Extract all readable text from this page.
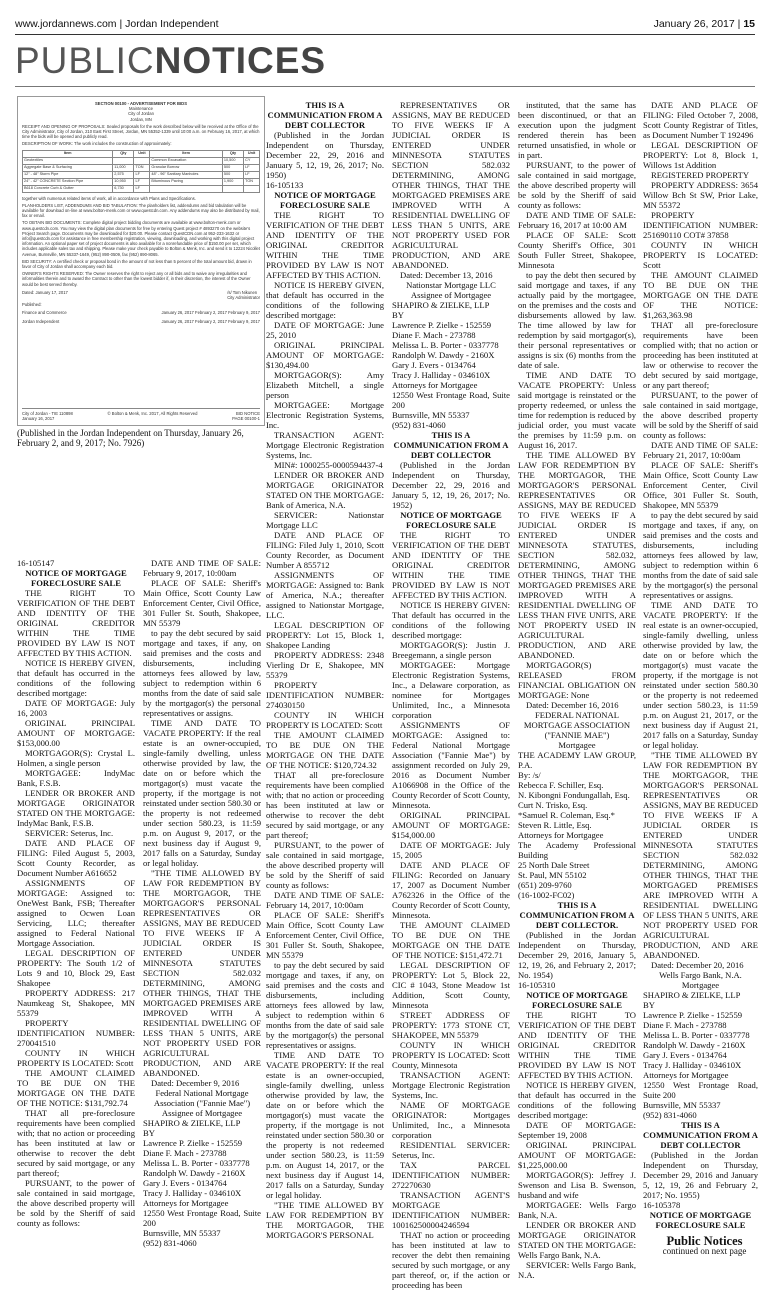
www.jordannews.com | Jordan Independent	January 26, 2017 | 15
PUBLICNOTICES
SECTION 00100 - ADVERTISEMENT FOR BIDS
Maintenance
City of Jordan
Jordan, MN

RECEIPT AND OPENING OF PROPOSALS: Sealed proposals for the work described below will be received at the Office of the City Administrator, City of Jordan, 210 East First Street, Jordan, MN 55352-1339 until 10:00 a.m. on February 16, 2017, at which time the bids will be opened and publicly read.

DESCRIPTION OF WORK: The work includes the construction of approximately:

Item	Qty	Unit	Item	Qty	Unit
Geotextiles			Common Excavation	10,500	CY
Aggregate Base & Surfacing	11,000	TON	Granular Borrow	500	LF
12" - 48" Storm Pipe	2,575	LF	48" - 96" Sanitary Manholes	500	LF
24" - 42" CONCRETE Section Pipe	10,950	LF	Bituminous Paving	1,900	TON
B618 Concrete Curb & Gutter	6,730	LF			

together with numerous related items of work, all in accordance with Plans and Specifications.

PLANHOLDERS LIST, ADDENDUMS AND BID TABULATION: The planholders list, addendums and bid tabulation will be available for download on-line at www.bolton-menk.com or www.questcdn.com. Any addendums may also be distributed by mail, fax or email.

TO OBTAIN BID DOCUMENTS: Complete digital project bidding documents are available at www.bolton-menk.com or www.questcdn.com. You may view the digital plan documents for free by entering Quest project # 4893270 on the website's Project Search page. Documents may be downloaded for $20.00. Please contact QuestCDN.com at 952-233-1632 or info@questcdn.com for assistance in free membership registration, viewing, downloading, and working with this digital project information. An optional paper set of project documents is also available for a nonrefundable price of $150.00 per set, which includes applicable sales tax and shipping. Please make your check payable to Bolton & Menk, Inc. and send it to 12224 Nicollet Avenue, Burnsville, MN 55337-1649, (952) 890-0509, fax (952) 890-8065.

BID SECURITY: A certified check or proposal bond in the amount of not less than 5 percent of the total amount bid, drawn in favor of City of Jordan shall accompany each bid.

OWNER'S RIGHTS RESERVED: The Owner reserves the right to reject any or all bids and to waive any irregularities and informalities therein and to award the Contract to other than the lowest bidder if, in their discretion, the interest of the Owner would be best served thereby.

Dated: January 17, 2017	/s/ Tom Nikunen
City Administrator

Published:

Finance and Commerce	January 26, 2017 February 2, 2017 February 9, 2017
Jordan Independent	January 26, 2017 February 2, 2017 February 9, 2017
City of Jordan - TIE 110898
January 16, 2017
© Bolton & Menk, Inc. 2017, All Rights Reserved	BID NOTICE
PAGE 00100-1
(Published in the Jordan Independent on Thursday, January 26, February 2, and 9, 2017; No. 7926)

16-105147

NOTICE OF MORTGAGE FORECLOSURE SALE

THE RIGHT TO VERIFICATION OF THE DEBT AND IDENTITY OF THE ORIGINAL CREDITOR WITHIN THE TIME PROVIDED BY LAW IS NOT AFFECTED BY THIS ACTION.

NOTICE IS HEREBY GIVEN, that default has occurred in the conditions of the following described mortgage:

DATE OF MORTGAGE: July 16, 2003

ORIGINAL PRINCIPAL AMOUNT OF MORTGAGE: $153,000.00

MORTGAGOR(S): Crystal L. Holmen, a single person

MORTGAGEE: IndyMac Bank, F.S.B.

LENDER OR BROKER AND MORTGAGE ORIGINATOR STATED ON THE MORTGAGE: IndyMac Bank, F.S.B.

SERVICER: Seterus, Inc.

DATE AND PLACE OF FILING: Filed August 5, 2003, Scott County Recorder, as Document Number A616652

ASSIGNMENTS OF MORTGAGE: Assigned to: OneWest Bank, FSB; Thereafter assigned to Ocwen Loan Servicing, LLC; thereafter assigned to Federal National Mortgage Association.

LEGAL DESCRIPTION OF PROPERTY: The South 1/2 of Lots 9 and 10, Block 29, East Shakopee

PROPERTY ADDRESS: 217 Naumkeag St, Shakopee, MN 55379

PROPERTY IDENTIFICATION NUMBER: 270041510

COUNTY IN WHICH PROPERTY IS LOCATED: Scott

THE AMOUNT CLAIMED TO BE DUE ON THE MORTGAGE ON THE DATE OF THE NOTICE: $131,792.74

THAT all pre-foreclosure requirements have been complied with; that no action or proceeding has been instituted at law or otherwise to recover the debt secured by said mortgage, or any part thereof;

PURSUANT, to the power of sale contained in said mortgage, the above described property will be sold by the Sheriff of said county as follows:

DATE AND TIME OF SALE: February 9, 2017, 10:00am

PLACE OF SALE: Sheriff's Main Office, Scott County Law Enforcement Center, Civil Office, 301 Fuller St. South, Shakopee, MN 55379

to pay the debt secured by said mortgage and taxes, if any, on said premises and the costs and disbursements, including attorneys fees allowed by law, subject to redemption within 6 months from the date of said sale by the mortgagor(s) the personal representatives or assigns.

TIME AND DATE TO VACATE PROPERTY: If the real estate is an owner-occupied, single-family dwelling, unless otherwise provided by law, the date on or before which the mortgagor(s) must vacate the property, if the mortgage is not reinstated under section 580.30 or the property is not redeemed under section 580.23, is 11:59 p.m. on August 9, 2017, or the next business day if August 9, 2017 falls on a Saturday, Sunday or legal holiday.

"THE TIME ALLOWED BY LAW FOR REDEMPTION BY THE MORTGAGOR, THE MORTGAGOR'S PERSONAL REPRESENTATIVES OR ASSIGNS, MAY BE REDUCED TO FIVE WEEKS IF A JUDICIAL ORDER IS ENTERED UNDER MINNESOTA STATUTES SECTION 582.032 DETERMINING, AMONG OTHER THINGS, THAT THE MORTGAGED PREMISES ARE IMPROVED WITH A RESIDENTIAL DWELLING OF LESS THAN 5 UNITS, ARE NOT PROPERTY USED FOR AGRICULTURAL PRODUCTION, AND ARE ABANDONED.

Dated: December 9, 2016

Federal National Mortgage Association ("Fannie Mae")

Assignee of Mortgagee

SHAPIRO & ZIELKE, LLP

BY

Lawrence P. Zielke - 152559

Diane F. Mach - 273788

Melissa L. B. Porter - 0337778

Randolph W. Dawdy - 2160X

Gary J. Evers - 0134764

Tracy J. Halliday - 034610X

Attorneys for Mortgagee

12550 West Frontage Road, Suite 200

Burnsville, MN 55337

(952) 831-4060

THIS IS A COMMUNICATION FROM A DEBT COLLECTOR

(Published in the Jordan Independent on Thursday, December 22, 29, 2016 and January 5, 12, 19, 26, 2017; No. 1950)

16-105133

NOTICE OF MORTGAGE FORECLOSURE SALE

THE RIGHT TO VERIFICATION OF THE DEBT AND IDENTITY OF THE ORIGINAL CREDITOR WITHIN THE TIME PROVIDED BY LAW IS NOT AFFECTED BY THIS ACTION.

NOTICE IS HEREBY GIVEN, that default has occurred in the conditions of the following described mortgage:

DATE OF MORTGAGE: June 25, 2010

ORIGINAL PRINCIPAL AMOUNT OF MORTGAGE: $130,494.00

MORTGAGOR(S): Amy Elizabeth Mitchell, a single person

MORTGAGEE: Mortgage Electronic Registration Systems, Inc.

TRANSACTION AGENT: Mortgage Electronic Registration Systems, Inc.

MIN#: 1000255-0000594437-4

LENDER OR BROKER AND MORTGAGE ORIGINATOR STATED ON THE MORTGAGE: Bank of America, N.A.

SERVICER: Nationstar Mortgage LLC

DATE AND PLACE OF FILING: Filed July 1, 2010, Scott County Recorder, as Document Number A 855712

ASSIGNMENTS OF MORTGAGE: Assigned to: Bank of America, N.A.; thereafter assigned to Nationstar Mortgage, LLC.

LEGAL DESCRIPTION OF PROPERTY: Lot 15, Block 1, Shakopee Landing

PROPERTY ADDRESS: 2348 Vierling Dr E, Shakopee, MN 55379

PROPERTY IDENTIFICATION NUMBER: 274030150

COUNTY IN WHICH PROPERTY IS LOCATED: Scott

THE AMOUNT CLAIMED TO BE DUE ON THE MORTGAGE ON THE DATE OF THE NOTICE: $120,724.32

THAT all pre-foreclosure requirements have been complied with; that no action or proceeding has been instituted at law or otherwise to recover the debt secured by said mortgage, or any part thereof;

PURSUANT, to the power of sale contained in said mortgage, the above described property will be sold by the Sheriff of said county as follows:

DATE AND TIME OF SALE: February 14, 2017, 10:00am

PLACE OF SALE: Sheriff's Main Office, Scott County Law Enforcement Center, Civil Office, 301 Fuller St. South, Shakopee, MN 55379

to pay the debt secured by said mortgage and taxes, if any, on said premises and the costs and disbursements, including attorneys fees allowed by law, subject to redemption within 6 months from the date of said sale by the mortgagor(s) the personal representatives or assigns.

TIME AND DATE TO VACATE PROPERTY: If the real estate is an owner-occupied, single-family dwelling, unless otherwise provided by law, the date on or before which the mortgagor(s) must vacate the property, if the mortgage is not reinstated under section 580.30 or the property is not redeemed under section 580.23, is 11:59 p.m. on August 14, 2017, or the next business day if August 14, 2017 falls on a Saturday, Sunday or legal holiday.

"THE TIME ALLOWED BY LAW FOR REDEMPTION BY THE MORTGAGOR, THE MORTGAGOR'S PERSONAL

REPRESENTATIVES OR ASSIGNS, MAY BE REDUCED TO FIVE WEEKS IF A JUDICIAL ORDER IS ENTERED UNDER MINNESOTA STATUTES SECTION 582.032 DETERMINING, AMONG OTHER THINGS, THAT THE MORTGAGED PREMISES ARE IMPROVED WITH A RESIDENTIAL DWELLING OF LESS THAN 5 UNITS, ARE NOT PROPERTY USED FOR AGRICULTURAL PRODUCTION, AND ARE ABANDONED.

Dated: December 13, 2016

Nationstar Mortgage LLC

Assignee of Mortgagee

SHAPIRO & ZIELKE, LLP

BY

Lawrence P. Zielke - 152559

Diane F. Mach - 273788

Melissa L. B. Porter - 0337778

Randolph W. Dawdy - 2160X

Gary J. Evers - 0134764

Tracy J. Halliday - 034610X

Attorneys for Mortgagee

12550 West Frontage Road, Suite 200

Burnsville, MN 55337

(952) 831-4060

THIS IS A COMMUNICATION FROM A DEBT COLLECTOR

(Published in the Jordan Independent on Thursday, December 22, 29, 2016 and January 5, 12, 19, 26, 2017; No. 1952)

NOTICE OF MORTGAGE FORECLOSURE SALE

THE RIGHT TO VERIFICATION OF THE DEBT AND IDENTITY OF THE ORIGINAL CREDITOR WITHIN THE TIME PROVIDED BY LAW IS NOT AFFECTED BY THIS ACTION.

NOTICE IS HEREBY GIVEN: That default has occurred in the conditions of the following described mortgage:

MORTGAGOR(S): Justin J. Breegemann, a single person

MORTGAGEE: Mortgage Electronic Registration Systems, Inc., a Delaware corporation, as nominee for Mortgages Unlimited, Inc., a Minnesota corporation

ASSIGNMENTS OF MORTGAGE: Assigned to: Federal National Mortgage Association ("Fannie Mae") by assignment recorded on July 29, 2016 as Document Number A1066908 in the Office of the County Recorder of Scott County, Minnesota.

ORIGINAL PRINCIPAL AMOUNT OF MORTGAGE: $154,000.00

DATE OF MORTGAGE: July 15, 2005

DATE AND PLACE OF FILING: Recorded on January 17, 2007 as Document Number A762326 in the Office of the County Recorder of Scott County, Minnesota.

THE AMOUNT CLAIMED TO BE DUE ON THE MORTGAGE ON THE DATE OF THE NOTICE: $151,472.71

LEGAL DESCRIPTION OF PROPERTY: Lot 5, Block 22, CIC # 1043, Stone Meadow 1st Addition, Scott County, Minnesota

STREET ADDRESS OF PROPERTY: 1773 STONE CT, SHAKOPEE, MN 55379

COUNTY IN WHICH PROPERTY IS LOCATED: Scott County, Minnesota

TRANSACTION AGENT: Mortgage Electronic Registration Systems, Inc.

NAME OF MORTGAGE ORIGINATOR: Mortgages Unlimited, Inc., a Minnesota corporation

RESIDENTIAL SERVICER: Seterus, Inc.

TAX PARCEL IDENTIFICATION NUMBER: 272270630

TRANSACTION AGENT'S MORTGAGE IDENTIFICATION NUMBER: 100162500004246594

THAT no action or proceeding has been instituted at law to recover the debt then remaining secured by such mortgage, or any part thereof, or, if the action or proceeding has been

instituted, that the same has been discontinued, or that an execution upon the judgment rendered therein has been returned unsatisfied, in whole or in part.

PURSUANT, to the power of sale contained in said mortgage, the above described property will be sold by the Sheriff of said county as follows:

DATE AND TIME OF SALE: February 16, 2017 at 10:00 AM

PLACE OF SALE: Scott County Sheriff's Office, 301 South Fuller Street, Shakopee, Minnesota

to pay the debt then secured by said mortgage and taxes, if any actually paid by the mortgagee, on the premises and the costs and disbursements allowed by law. The time allowed by law for redemption by said mortgagor(s), their personal representatives or assigns is six (6) months from the date of sale.

TIME AND DATE TO VACATE PROPERTY: Unless said mortgage is reinstated or the property redeemed, or unless the time for redemption is reduced by judicial order, you must vacate the premises by 11:59 p.m. on August 16, 2017.

THE TIME ALLOWED BY LAW FOR REDEMPTION BY THE MORTGAGOR, THE MORTGAGOR'S PERSONAL REPRESENTATIVES OR ASSIGNS, MAY BE REDUCED TO FIVE WEEKS IF A JUDICIAL ORDER IS ENTERED UNDER MINNESOTA STATUTES, SECTION 582.032, DETERMINING, AMONG OTHER THINGS, THAT THE MORTGAGED PREMISES ARE IMPROVED WITH A RESIDENTIAL DWELLING OF LESS THAN FIVE UNITS, ARE NOT PROPERTY USED IN AGRICULTURAL PRODUCTION, AND ARE ABANDONED.

MORTGAGOR(S) RELEASED FROM FINANCIAL OBLIGATION ON MORTGAGE: None

Dated: December 16, 2016

FEDERAL NATIONAL MORTGAGE ASSOCIATION ("FANNIE MAE")

Mortgagee

THE ACADEMY LAW GROUP, P.A.

By: /s/

Rebecca F. Schiller, Esq.

N. Kibongni Fondungallah, Esq.

Curt N. Trisko, Esq.

*Samuel R. Coleman, Esq.*

Steven R. Little, Esq.

Attorneys for Mortgagee

The Academy Professional Building

25 North Dale Street

St. Paul, MN 55102

(651) 209-9760

(16-1002-FC02)

THIS IS A COMMUNICATION FROM A DEBT COLLECTOR.

(Published in the Jordan Independent on Thursday, December 29, 2016, January 5, 12, 19, 26, and February 2, 2017; No. 1954)

16-105310

NOTICE OF MORTGAGE FORECLOSURE SALE

THE RIGHT TO VERIFICATION OF THE DEBT AND IDENTITY OF THE ORIGINAL CREDITOR WITHIN THE TIME PROVIDED BY LAW IS NOT AFFECTED BY THIS ACTION.

NOTICE IS HEREBY GIVEN, that default has occurred in the conditions of the following described mortgage:

DATE OF MORTGAGE: September 19, 2008

ORIGINAL PRINCIPAL AMOUNT OF MORTGAGE: $1,225,000.00

MORTGAGOR(S): Jeffrey J. Swenson and Lisa B. Swenson, husband and wife

MORTGAGEE: Wells Fargo Bank, N.A.

LENDER OR BROKER AND MORTGAGE ORIGINATOR STATED ON THE MORTGAGE: Wells Fargo Bank, N.A.

SERVICER: Wells Fargo Bank, N.A.

DATE AND PLACE OF FILING: Filed October 7, 2008, Scott County Registrar of Titles, as Document Number T 192496

LEGAL DESCRIPTION OF PROPERTY: Lot 8, Block 1, Willows 1st Addition

REGISTERED PROPERTY

PROPERTY ADDRESS: 3654 Willow Bch St SW, Prior Lake, MN 55372

PROPERTY IDENTIFICATION NUMBER: 251690110 COT# 37858

COUNTY IN WHICH PROPERTY IS LOCATED: Scott

THE AMOUNT CLAIMED TO BE DUE ON THE MORTGAGE ON THE DATE OF THE NOTICE: $1,263,363.98

THAT all pre-foreclosure requirements have been complied with; that no action or proceeding has been instituted at law or otherwise to recover the debt secured by said mortgage, or any part thereof;

PURSUANT, to the power of sale contained in said mortgage, the above described property will be sold by the Sheriff of said county as follows:

DATE AND TIME OF SALE: February 21, 2017, 10:00am

PLACE OF SALE: Sheriff's Main Office, Scott County Law Enforcement Center, Civil Office, 301 Fuller St. South, Shakopee, MN 55379

to pay the debt secured by said mortgage and taxes, if any, on said premises and the costs and disbursements, including attorneys fees allowed by law, subject to redemption within 6 months from the date of said sale by the mortgagor(s) the personal representatives or assigns.

TIME AND DATE TO VACATE PROPERTY: If the real estate is an owner-occupied, single-family dwelling, unless otherwise provided by law, the date on or before which the mortgagor(s) must vacate the property, if the mortgage is not reinstated under section 580.30 or the property is not redeemed under section 580.23, is 11:59 p.m. on August 21, 2017, or the next business day if August 21, 2017 falls on a Saturday, Sunday or legal holiday.

"THE TIME ALLOWED BY LAW FOR REDEMPTION BY THE MORTGAGOR, THE MORTGAGOR'S PERSONAL REPRESENTATIVES OR ASSIGNS, MAY BE REDUCED TO FIVE WEEKS IF A JUDICIAL ORDER IS ENTERED UNDER MINNESOTA STATUTES SECTION 582.032 DETERMINING, AMONG OTHER THINGS, THAT THE MORTGAGED PREMISES ARE IMPROVED WITH A RESIDENTIAL DWELLING OF LESS THAN 5 UNITS, ARE NOT PROPERTY USED FOR AGRICULTURAL PRODUCTION, AND ARE ABANDONED.

Dated: December 20, 2016

Wells Fargo Bank, N.A.

Mortgagee

SHAPIRO & ZIELKE, LLP

BY

Lawrence P. Zielke - 152559

Diane F. Mach - 273788

Melissa L. B. Porter - 0337778

Randolph W. Dawdy - 2160X

Gary J. Evers - 0134764

Tracy J. Halliday - 034610X

Attorneys for Mortgagee

12550 West Frontage Road, Suite 200

Burnsville, MN 55337

(952) 831-4060

THIS IS A COMMUNICATION FROM A DEBT COLLECTOR

(Published in the Jordan Independent on Thursday, December 29, 2016 and January 5, 12, 19, 26 and February 2, 2017; No. 1955)

16-105378

NOTICE OF MORTGAGE FORECLOSURE SALE

Public Notices

continued on next page
